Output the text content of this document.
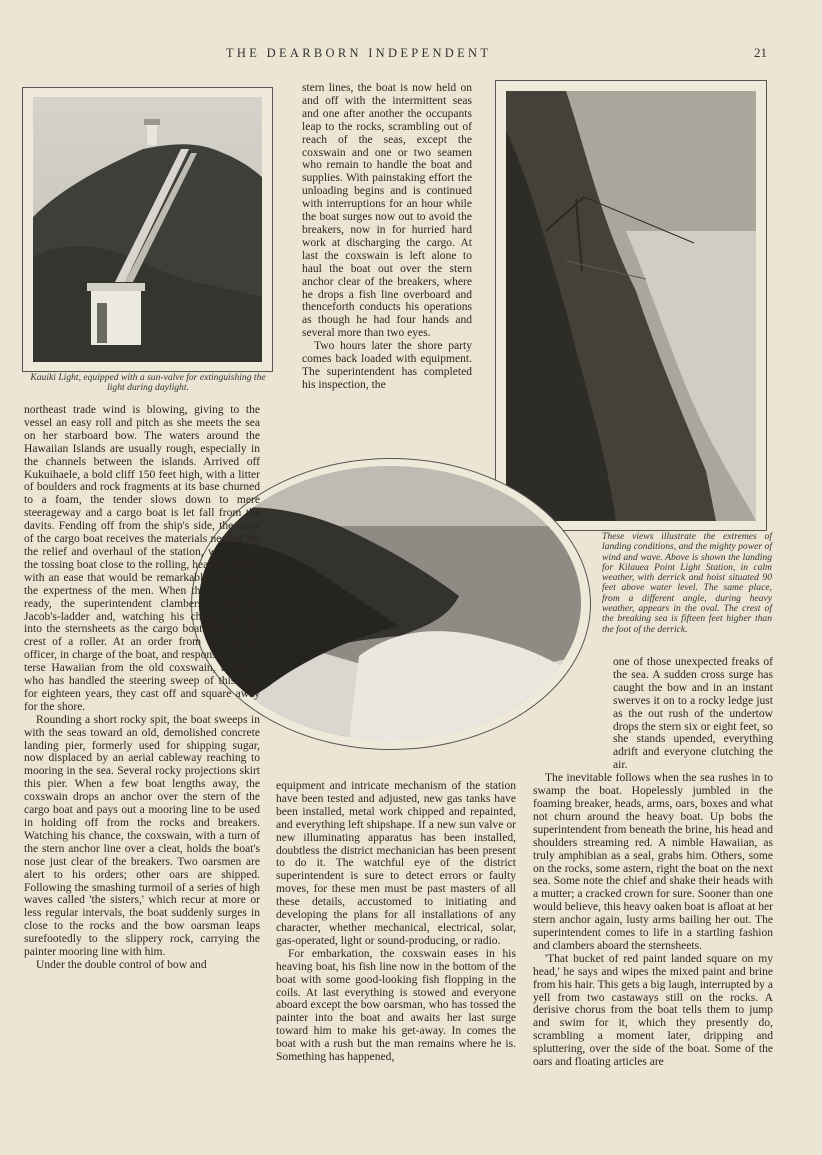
THE DEARBORN INDEPENDENT	21
Kauiki Light, equipped with a sun-valve for extinguishing the light during daylight.
These views illustrate the extremes of landing conditions, and the mighty power of wind and wave. Above is shown the landing for Kilauea Point Light Station, in calm weather, with derrick and hoist situated 90 feet above water level. The same place, from a different angle, during heavy weather, appears in the oval. The crest of the breaking sea is fifteen feet higher than the foot of the derrick.

stern lines, the boat is now held on and off with the intermittent seas and one after another the occupants leap to the rocks, scrambling out of reach of the seas, except the coxswain and one or two seamen who remain to handle the boat and supplies. With painstaking effort the unloading begins and is continued with interruptions for an hour while the boat surges now out to avoid the breakers, now in for hurried hard work at discharging the cargo. At last the coxswain is left alone to haul the boat out over the stern anchor clear of the breakers, where he drops a fish line overboard and thenceforth conducts his operations as though he had four hands and several more than two eyes.

Two hours later the shore party comes back loaded with equipment. The superintendent has completed his inspection, the

northeast trade wind is blowing, giving to the vessel an easy roll and pitch as she meets the sea on her starboard bow. The waters around the Hawaiian Islands are usually rough, especially in the channels between the islands. Arrived off Kukuihaele, a bold cliff 150 feet high, with a litter of boulders and rock fragments at its base churned to a foam, the tender slows down to mere steerageway and a cargo boat is let fall from the davits. Fending off from the ship's side, the crew of the cargo boat receives the materials needed for the relief and overhaul of the station, working in the tossing boat close to the rolling, heaving vessel with an ease that would be remarkable except for the expertness of the men. When the boat is all ready, the superintendent clambers down the Jacob's-ladder and, watching his chance, jumps into the sternsheets as the cargo boat rises to the crest of a roller. At an order from the second officer, in charge of the boat, and responsive to the terse Hawaiian from the old coxswain, a native who has handled the steering sweep of this boat for eighteen years, they cast off and square away for the shore.

Rounding a short rocky spit, the boat sweeps in with the seas toward an old, demolished concrete landing pier, formerly used for shipping sugar, now displaced by an aerial cableway reaching to mooring in the sea. Several rocky projections skirt this pier. When a few boat lengths away, the coxswain drops an anchor over the stern of the cargo boat and pays out a mooring line to be used in holding off from the rocks and breakers. Watching his chance, the coxswain, with a turn of the stern anchor line over a cleat, holds the boat's nose just clear of the breakers. Two oarsmen are alert to his orders; other oars are shipped. Following the smashing turmoil of a series of high waves called 'the sisters,' which recur at more or less regular intervals, the boat suddenly surges in close to the rocks and the bow oarsman leaps surefootedly to the slippery rock, carrying the painter mooring line with him.

Under the double control of bow and

equipment and intricate mechanism of the station have been tested and adjusted, new gas tanks have been installed, metal work chipped and repainted, and everything left shipshape. If a new sun valve or new illuminating apparatus has been installed, doubtless the district mechanician has been present to do it. The watchful eye of the district superintendent is sure to detect errors or faulty moves, for these men must be past masters of all these details, accustomed to initiating and developing the plans for all installations of any character, whether mechanical, electrical, solar, gas-operated, light or sound-producing, or radio.

For embarkation, the coxswain eases in his heaving boat, his fish line now in the bottom of the boat with some good-looking fish flopping in the coils. At last everything is stowed and everyone aboard except the bow oarsman, who has tossed the painter into the boat and awaits her last surge toward him to make his get-away. In comes the boat with a rush but the man remains where he is. Something has happened,

one of those unexpected freaks of the sea. A sudden cross surge has caught the bow and in an instant swerves it on to a rocky ledge just as the out rush of the undertow drops the stern six or eight feet, so she stands upended, everything adrift and everyone clutching the air.

The inevitable follows when the sea rushes in to swamp the boat. Hopelessly jumbled in the foaming breaker, heads, arms, oars, boxes and what not churn around the heavy boat. Up bobs the superintendent from beneath the brine, his head and shoulders streaming red. A nimble Hawaiian, as truly amphibian as a seal, grabs him. Others, some on the rocks, some astern, right the boat on the next sea. Some note the chief and shake their heads with a mutter; a cracked crown for sure. Sooner than one would believe, this heavy oaken boat is afloat at her stern anchor again, lusty arms bailing her out. The superintendent comes to life in a startling fashion and clambers aboard the sternsheets.

'That bucket of red paint landed square on my head,' he says and wipes the mixed paint and brine from his hair. This gets a big laugh, interrupted by a yell from two castaways still on the rocks. A derisive chorus from the boat tells them to jump and swim for it, which they presently do, scrambling a moment later, dripping and spluttering, over the side of the boat. Some of the oars and floating articles are
